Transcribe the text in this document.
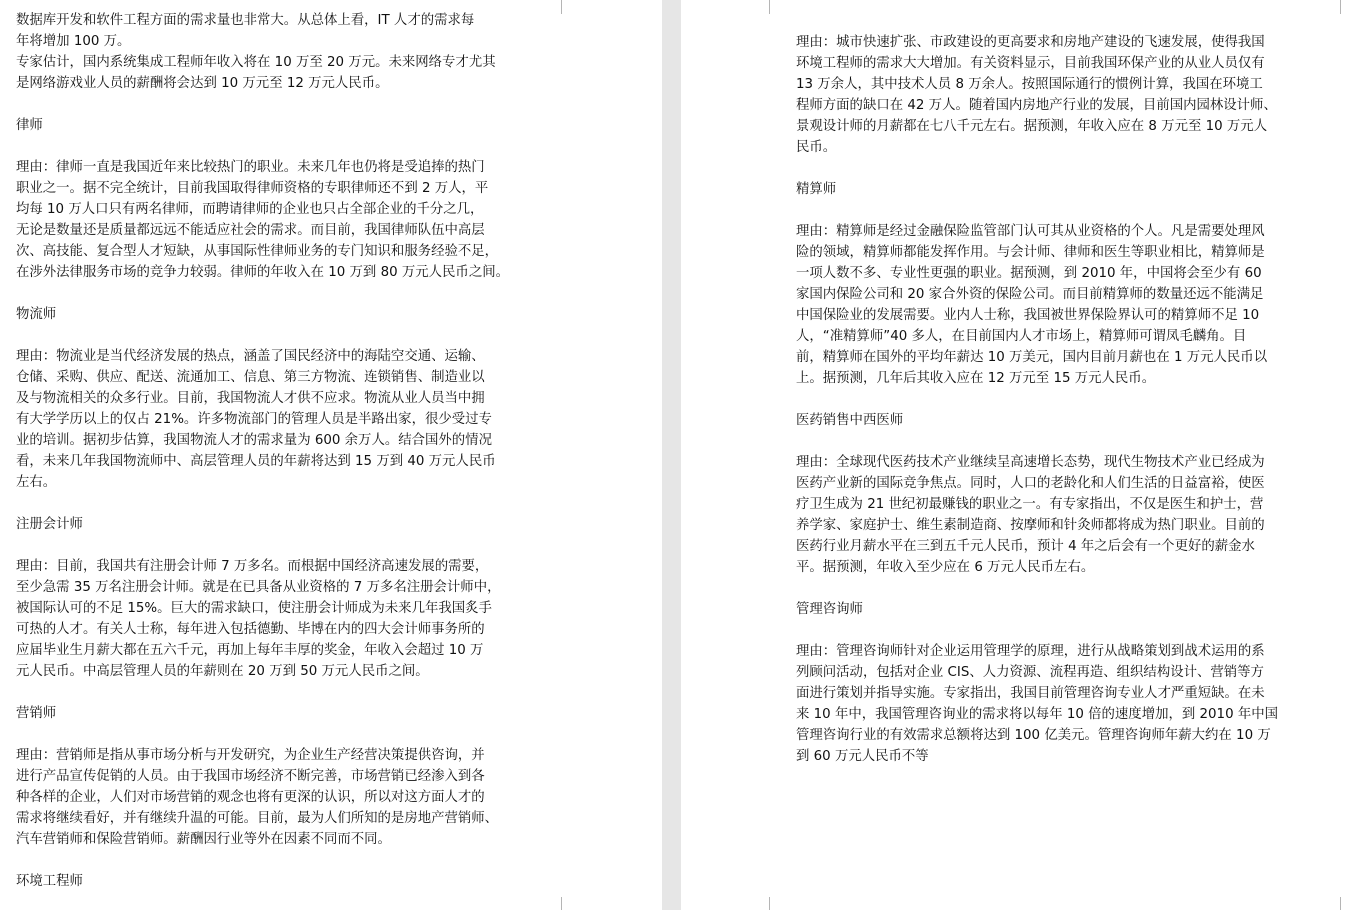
数据库开发和软件工程方面的需求量也非常大。从总体上看，IT 人才的需求每
年将增加 100 万。
专家估计，国内系统集成工程师年收入将在 10 万至 20 万元。未来网络专才尤其
是网络游戏业人员的薪酬将会达到 10 万元至 12 万元人民币。
律师
理由：律师一直是我国近年来比较热门的职业。未来几年也仍将是受追捧的热门
职业之一。据不完全统计，目前我国取得律师资格的专职律师还不到 2 万人，平
均每 10 万人口只有两名律师，而聘请律师的企业也只占全部企业的千分之几，
无论是数量还是质量都远远不能适应社会的需求。而目前，我国律师队伍中高层
次、高技能、复合型人才短缺，从事国际性律师业务的专门知识和服务经验不足，
在涉外法律服务市场的竞争力较弱。律师的年收入在 10 万到 80 万元人民币之间。
物流师
理由：物流业是当代经济发展的热点，涵盖了国民经济中的海陆空交通、运输、
仓储、采购、供应、配送、流通加工、信息、第三方物流、连锁销售、制造业以
及与物流相关的众多行业。目前，我国物流人才供不应求。物流从业人员当中拥
有大学学历以上的仅占 21%。许多物流部门的管理人员是半路出家，很少受过专
业的培训。据初步估算，我国物流人才的需求量为 600 余万人。结合国外的情况
看，未来几年我国物流师中、高层管理人员的年薪将达到 15 万到 40 万元人民币
左右。
注册会计师
理由：目前，我国共有注册会计师 7 万多名。而根据中国经济高速发展的需要，
至少急需 35 万名注册会计师。就是在已具备从业资格的 7 万多名注册会计师中，
被国际认可的不足 15%。巨大的需求缺口，使注册会计师成为未来几年我国炙手
可热的人才。有关人士称，每年进入包括德勤、毕博在内的四大会计师事务所的
应届毕业生月薪大都在五六千元，再加上每年丰厚的奖金，年收入会超过 10 万
元人民币。中高层管理人员的年薪则在 20 万到 50 万元人民币之间。
营销师
理由：营销师是指从事市场分析与开发研究，为企业生产经营决策提供咨询，并
进行产品宣传促销的人员。由于我国市场经济不断完善，市场营销已经渗入到各
种各样的企业，人们对市场营销的观念也将有更深的认识，所以对这方面人才的
需求将继续看好，并有继续升温的可能。目前，最为人们所知的是房地产营销师、
汽车营销师和保险营销师。薪酬因行业等外在因素不同而不同。
环境工程师
理由：城市快速扩张、市政建设的更高要求和房地产建设的飞速发展，使得我国
环境工程师的需求大大增加。有关资料显示，目前我国环保产业的从业人员仅有
13 万余人，其中技术人员 8 万余人。按照国际通行的惯例计算，我国在环境工
程师方面的缺口在 42 万人。随着国内房地产行业的发展，目前国内园林设计师、
景观设计师的月薪都在七八千元左右。据预测，年收入应在 8 万元至 10 万元人
民币。
精算师
理由：精算师是经过金融保险监管部门认可其从业资格的个人。凡是需要处理风
险的领域，精算师都能发挥作用。与会计师、律师和医生等职业相比，精算师是
一项人数不多、专业性更强的职业。据预测，到 2010 年，中国将会至少有 60
家国内保险公司和 20 家合外资的保险公司。而目前精算师的数量还远不能满足
中国保险业的发展需要。业内人士称，我国被世界保险界认可的精算师不足 10
人，“准精算师”40 多人，在目前国内人才市场上，精算师可谓凤毛麟角。目
前，精算师在国外的平均年薪达 10 万美元，国内目前月薪也在 1 万元人民币以
上。据预测，几年后其收入应在 12 万元至 15 万元人民币。
医药销售中西医师
理由：全球现代医药技术产业继续呈高速增长态势，现代生物技术产业已经成为
医药产业新的国际竞争焦点。同时，人口的老龄化和人们生活的日益富裕，使医
疗卫生成为 21 世纪初最赚钱的职业之一。有专家指出，不仅是医生和护士，营
养学家、家庭护士、维生素制造商、按摩师和针灸师都将成为热门职业。目前的
医药行业月薪水平在三到五千元人民币，预计 4 年之后会有一个更好的薪金水
平。据预测，年收入至少应在 6 万元人民币左右。
管理咨询师
理由：管理咨询师针对企业运用管理学的原理，进行从战略策划到战术运用的系
列顾问活动，包括对企业 CIS、人力资源、流程再造、组织结构设计、营销等方
面进行策划并指导实施。专家指出，我国目前管理咨询专业人才严重短缺。在未
来 10 年中，我国管理咨询业的需求将以每年 10 倍的速度增加，到 2010 年中国
管理咨询行业的有效需求总额将达到 100 亿美元。管理咨询师年薪大约在 10 万
到 60 万元人民币不等
